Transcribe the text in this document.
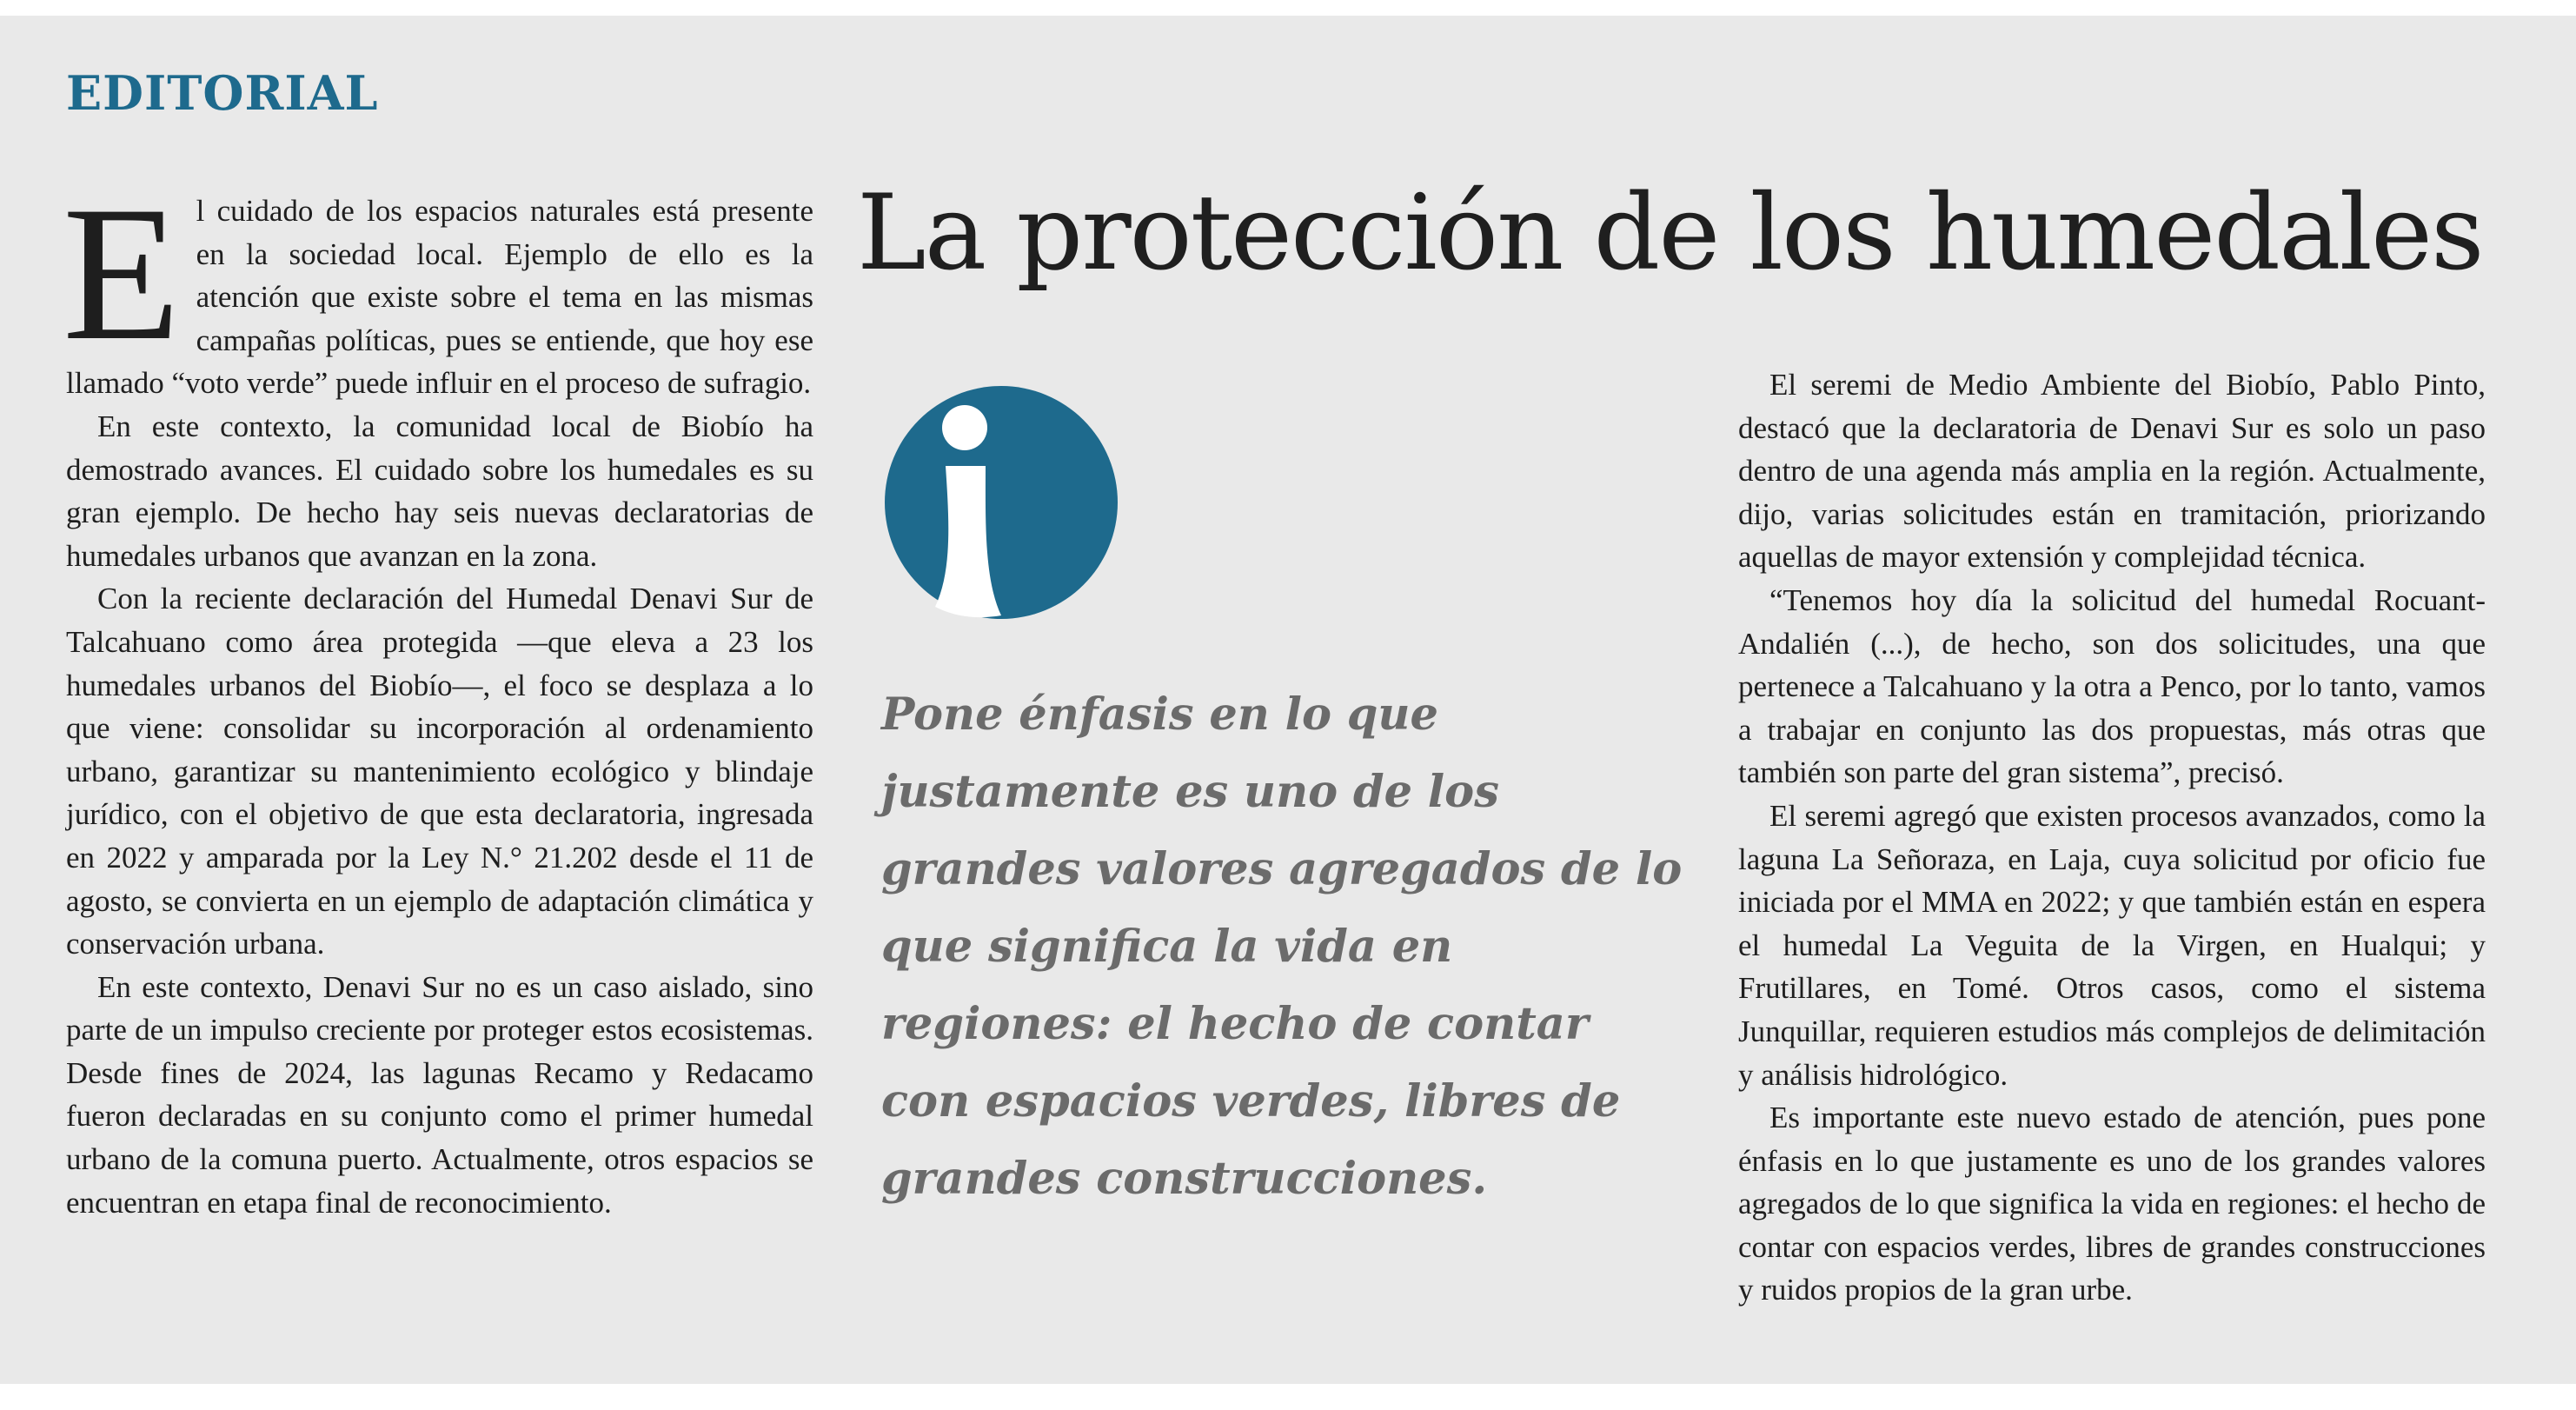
EDITORIAL
La protección de los humedales

El cuidado de los espacios naturales está presente en la sociedad local. Ejemplo de ello es la atención que existe sobre el tema en las mismas campañas políticas, pues se entiende, que hoy ese llamado “voto verde” puede influir en el proceso de sufragio.

En este contexto, la comunidad local de Biobío ha demostrado avances. El cuidado sobre los humedales es su gran ejemplo. De hecho hay seis nuevas declaratorias de humedales urbanos que avanzan en la zona.

Con la reciente declaración del Humedal Denavi Sur de Talcahuano como área protegida —que eleva a 23 los humedales urbanos del Biobío—, el foco se desplaza a lo que viene: consolidar su incorporación al ordenamiento urbano, garantizar su mantenimiento ecológico y blindaje jurídico, con el objetivo de que esta declaratoria, ingresada en 2022 y amparada por la Ley N.° 21.202 desde el 11 de agosto, se convierta en un ejemplo de adaptación climática y conservación urbana.

En este contexto, Denavi Sur no es un caso aislado, sino parte de un impulso creciente por proteger estos ecosistemas. Desde fines de 2024, las lagunas Recamo y Redacamo fueron declaradas en su conjunto como el primer humedal urbano de la comuna puerto. Actualmente, otros espacios se encuentran en etapa final de reconocimiento.

Pone énfasis en lo que justamente es uno de los grandes valores agregados de lo que significa la vida en regiones: el hecho de contar con espacios verdes, libres de grandes construcciones.

El seremi de Medio Ambiente del Biobío, Pablo Pinto, destacó que la declaratoria de Denavi Sur es solo un paso dentro de una agenda más amplia en la región. Actualmente, dijo, varias solicitudes están en tramitación, priorizando aquellas de mayor extensión y complejidad técnica.

“Tenemos hoy día la solicitud del humedal Rocuant-Andalién (...), de hecho, son dos solicitudes, una que pertenece a Talcahuano y la otra a Penco, por lo tanto, vamos a trabajar en conjunto las dos propuestas, más otras que también son parte del gran sistema”, precisó.

El seremi agregó que existen procesos avanzados, como la laguna La Señoraza, en Laja, cuya solicitud por oficio fue iniciada por el MMA en 2022; y que también están en espera el humedal La Veguita de la Virgen, en Hualqui; y Frutillares, en Tomé. Otros casos, como el sistema Junquillar, requieren estudios más complejos de delimitación y análisis hidrológico.

Es importante este nuevo estado de atención, pues pone énfasis en lo que justamente es uno de los grandes valores agregados de lo que significa la vida en regiones: el hecho de contar con espacios verdes, libres de grandes construcciones y ruidos propios de la gran urbe.
